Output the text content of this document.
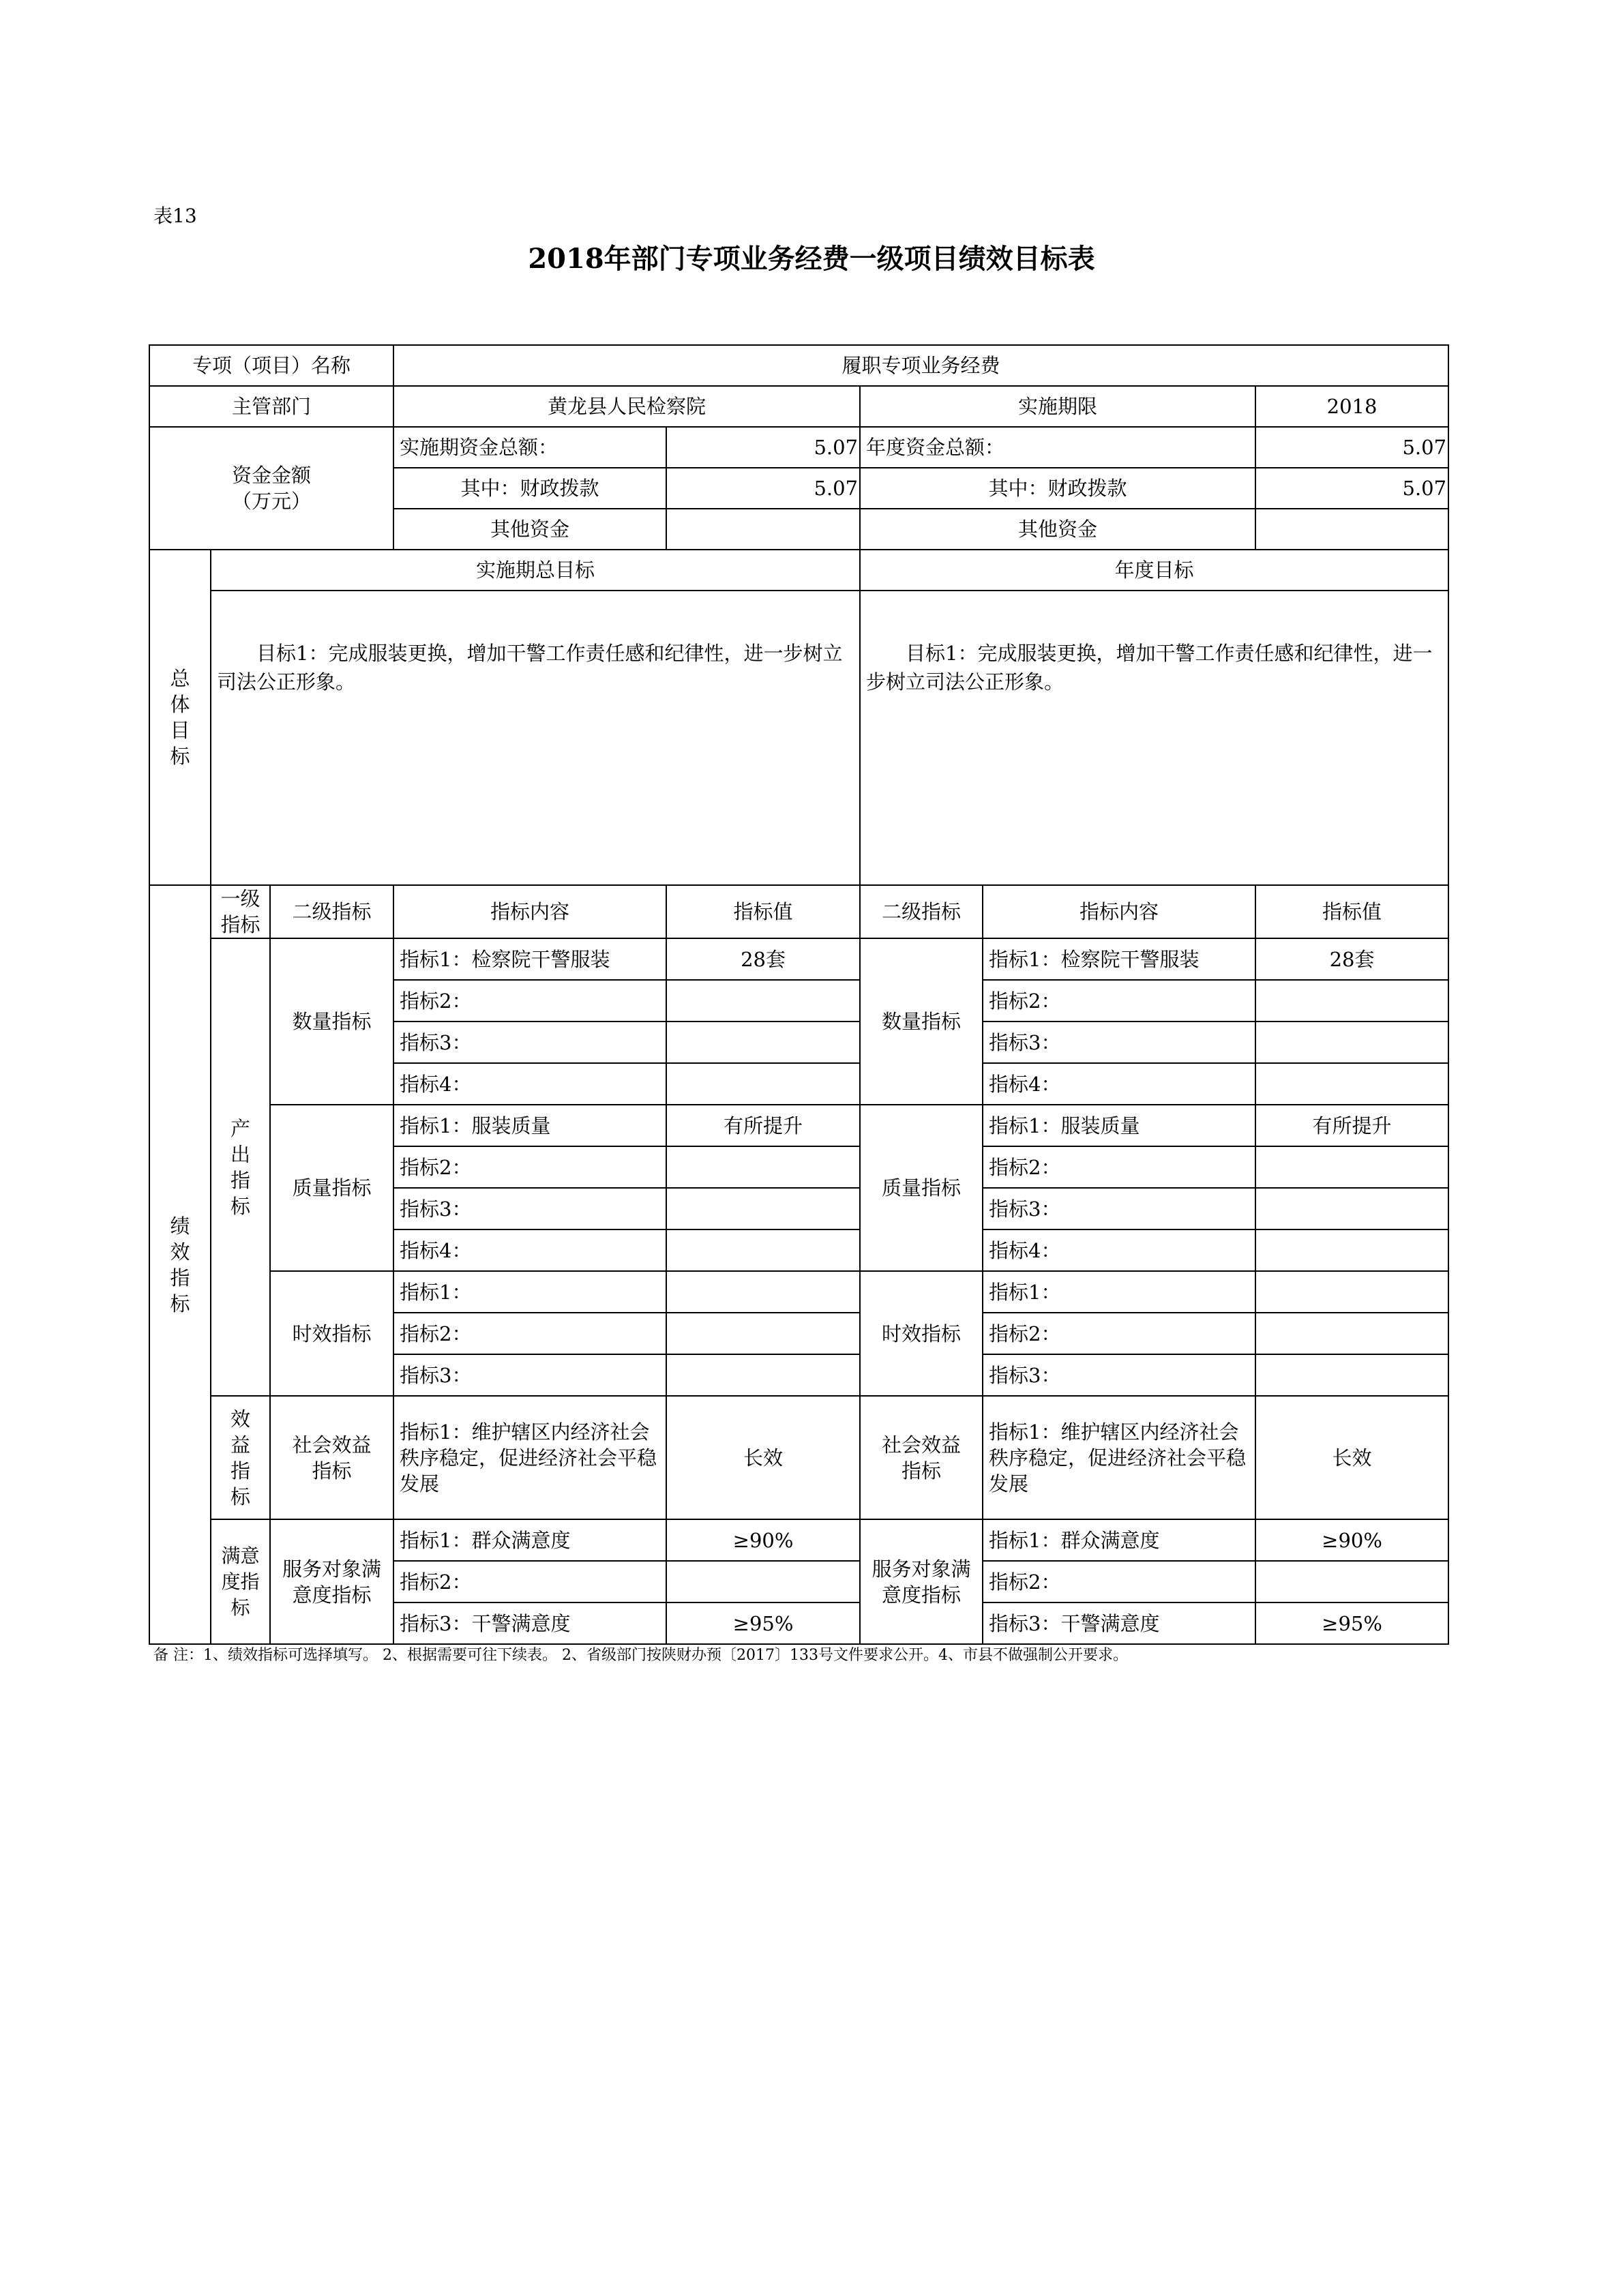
表13
2018年部门专项业务经费一级项目绩效目标表
专项（项目）名称			履职专项业务经费				
主管部门			黄龙县人民检察院		实施期限		2018

资金金额
（万元）			实施期资金总额：	5.07	年度资金总额：		5.07
			其中：财政拨款	5.07	其中：财政拨款		5.07
			其他资金		其他资金		
总体目标	实施期总目标				年度目标		

	目标1：完成服装更换，增加干警工作责任感和纪律性，进一步树立司法公正形象。				目标1：完成服装更换，增加干警工作责任感和纪律性，进一步树立司法公正形象。		

绩效指标	一级指标	二级指标	指标内容	指标值	二级指标	指标内容	指标值
	产出指标	数量指标	指标1：检察院干警服装	28套	数量指标	指标1：检察院干警服装	28套
			指标2：			指标2：	
			指标3：			指标3：	
			指标4：			指标4：	
		质量指标	指标1：服装质量	有所提升	质量指标	指标1：服装质量	有所提升
			指标2：			指标2：	
			指标3：			指标3：	
			指标4：			指标4：	
		时效指标	指标1：		时效指标	指标1：	
			指标2：			指标2：	
			指标3：			指标3：	
	效益指标	社会效益指标	指标1：维护辖区内经济社会秩序稳定，促进经济社会平稳发展	长效	社会效益指标	指标1：维护辖区内经济社会秩序稳定，促进经济社会平稳发展	长效
	满意度指标	服务对象满意度指标	指标1：群众满意度	≥90%	服务对象满意度指标	指标1：群众满意度	≥90%
			指标2：			指标2：	
			指标3：干警满意度	≥95%		指标3：干警满意度	≥95%
备 注：1、绩效指标可选择填写。 2、根据需要可往下续表。 2、省级部门按陕财办预〔2017〕133号文件要求公开。4、市县不做强制公开要求。
